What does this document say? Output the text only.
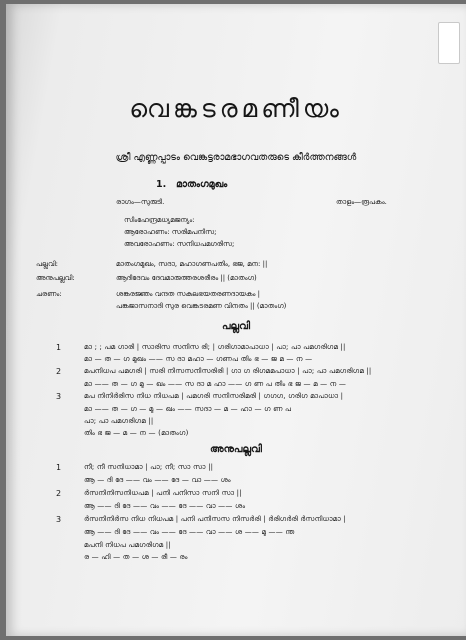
വെങ്കടരമണീയം
ശ്രീ എണ്ണപ്പാടം വെങ്കട്ടരാമഭാഗവതരുടെ കീർത്തനങ്ങൾ
1. മാതംഗമുഖം
രാഗം—സുരുടി.	താളം—രൂപകം.
സിംഹേന്ദ്രമധ്യമജന്യം:
ആരോഹണം: സരിമപനിസ;
അവരോഹണം: സനിധപമഗരിസ;
പല്ലവി:	മാതംഗമുഖം, സദാ, മഹാഗണപതിം, ഭജ, മന: ||
അനുപല്ലവി:	ആദിദേവം ദേവമാരുത്തരശരീരം || (മാതംഗ)
ചരണം:	ശങ്കരജ്ഞം വന്ദത സകലഭയതരണദായകം |
പങ്കജാസനാദി സുര വെങ്കടരമണ വിനതം || (മാതംഗ)
പല്ലവി
1	മാ ; ; പമ ഗാരി | സാരിസ സനിസ രി; | ഗരിഗാമാപാധാ | പാ; പാ പമഗരിഗമ ||
മാ — ത — ഗ മുഖം —— സ ദാ മഹാ — ഗണപ തിം ഭ — ജ മ — ന —
2	മപനിധപ പമഗരി | സരി നിസസനിസരിരി | ഗാ ഗ രിഗമമപാധാ | പാ; പാ പമഗരിഗമ ||
മാ —— ത — ഗ മു — ഖം —— സ ദാ മ ഹാ —— ഗ ണ പ തിം ഭ ജ — മ — ന —
3	മപ നിനിർരിസ നിധ നിധപമ | പമഗരി സനിസരിമരി | ഗഗഗ, ഗരിഗ മാപാധാ |
മാ —— ത — ഗ — മു — ഖം —— സദാ — മ — ഹാ — ഗ ണ പ
പാ; പാ പമഗരിഗമ ||
തിം ഭ ജ — മ — ന — (മാതംഗ)
അനുപല്ലവി
1	നീ; നീ സനിധാമാ | പാ; നീ; സാ സാ ||
ആ — ദി ദേ —— വം —— ദേ — വാ —— ശം
2	ർസനിനിസനിധപമ | പനി പനിസാ സനി സാ ||
ആ —— ദി ദേ —— വം —— ദേ —— വാ —— ശം
3	ർസനിനിർസ നിധ നിധപമ | പനി പനിസസ നിസർരി | ർരിഗർരി ർസനിധാമാ |
ആ —— ദി ദേ —— വം —— ദേ —— വാ —— ശ —— മു —— ന്ത
മപനി നിധപ പമഗരിഗമ ||
ര — ഹി — ത — ശ — രീ — രം
